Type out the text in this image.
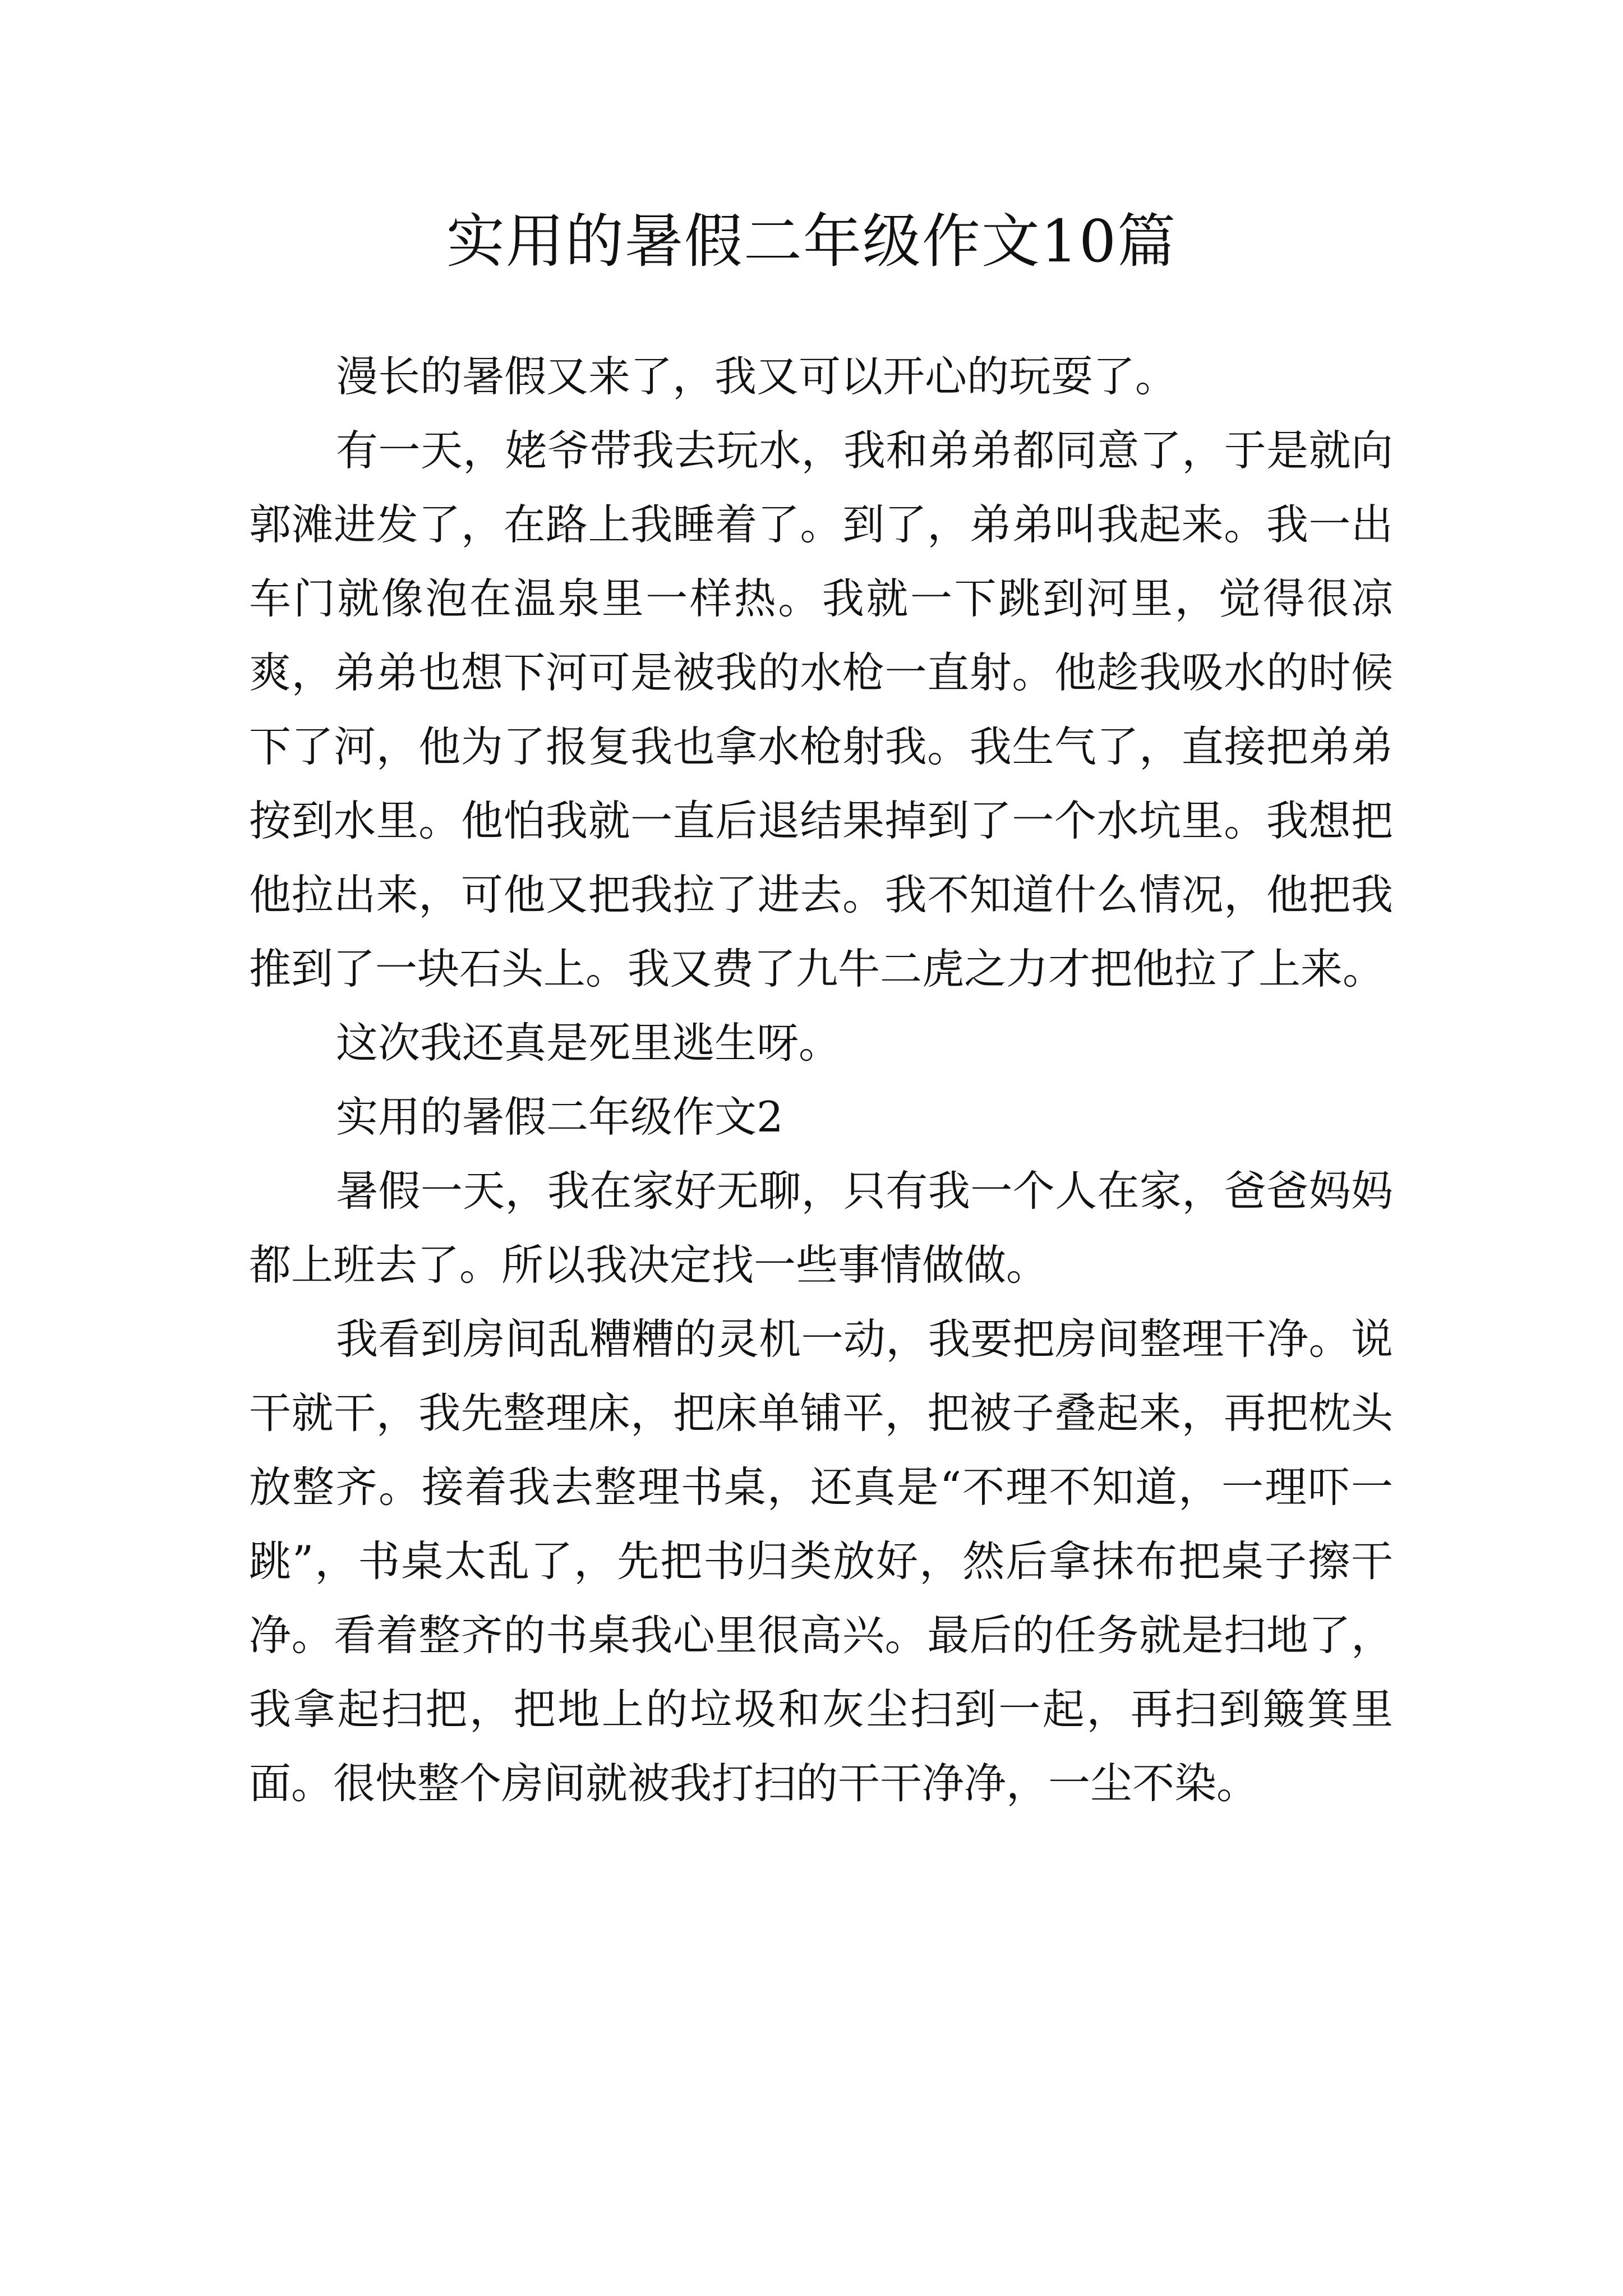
实用的暑假二年级作文10篇

漫长的暑假又来了，我又可以开心的玩耍了。

有一天，姥爷带我去玩水，我和弟弟都同意了，于是就向郭滩进发了，在路上我睡着了。到了，弟弟叫我起来。我一出车门就像泡在温泉里一样热。我就一下跳到河里，觉得很凉爽，弟弟也想下河可是被我的水枪一直射。他趁我吸水的时候下了河，他为了报复我也拿水枪射我。我生气了，直接把弟弟按到水里。他怕我就一直后退结果掉到了一个水坑里。我想把他拉出来，可他又把我拉了进去。我不知道什么情况，他把我推到了一块石头上。我又费了九牛二虎之力才把他拉了上来。

这次我还真是死里逃生呀。

实用的暑假二年级作文2

暑假一天，我在家好无聊，只有我一个人在家，爸爸妈妈都上班去了。所以我决定找一些事情做做。

我看到房间乱糟糟的灵机一动，我要把房间整理干净。说干就干，我先整理床，把床单铺平，把被子叠起来，再把枕头放整齐。接着我去整理书桌，还真是“不理不知道，一理吓一跳”，书桌太乱了，先把书归类放好，然后拿抹布把桌子擦干净。看着整齐的书桌我心里很高兴。最后的任务就是扫地了，我拿起扫把，把地上的垃圾和灰尘扫到一起，再扫到簸箕里面。很快整个房间就被我打扫的干干净净，一尘不染。
